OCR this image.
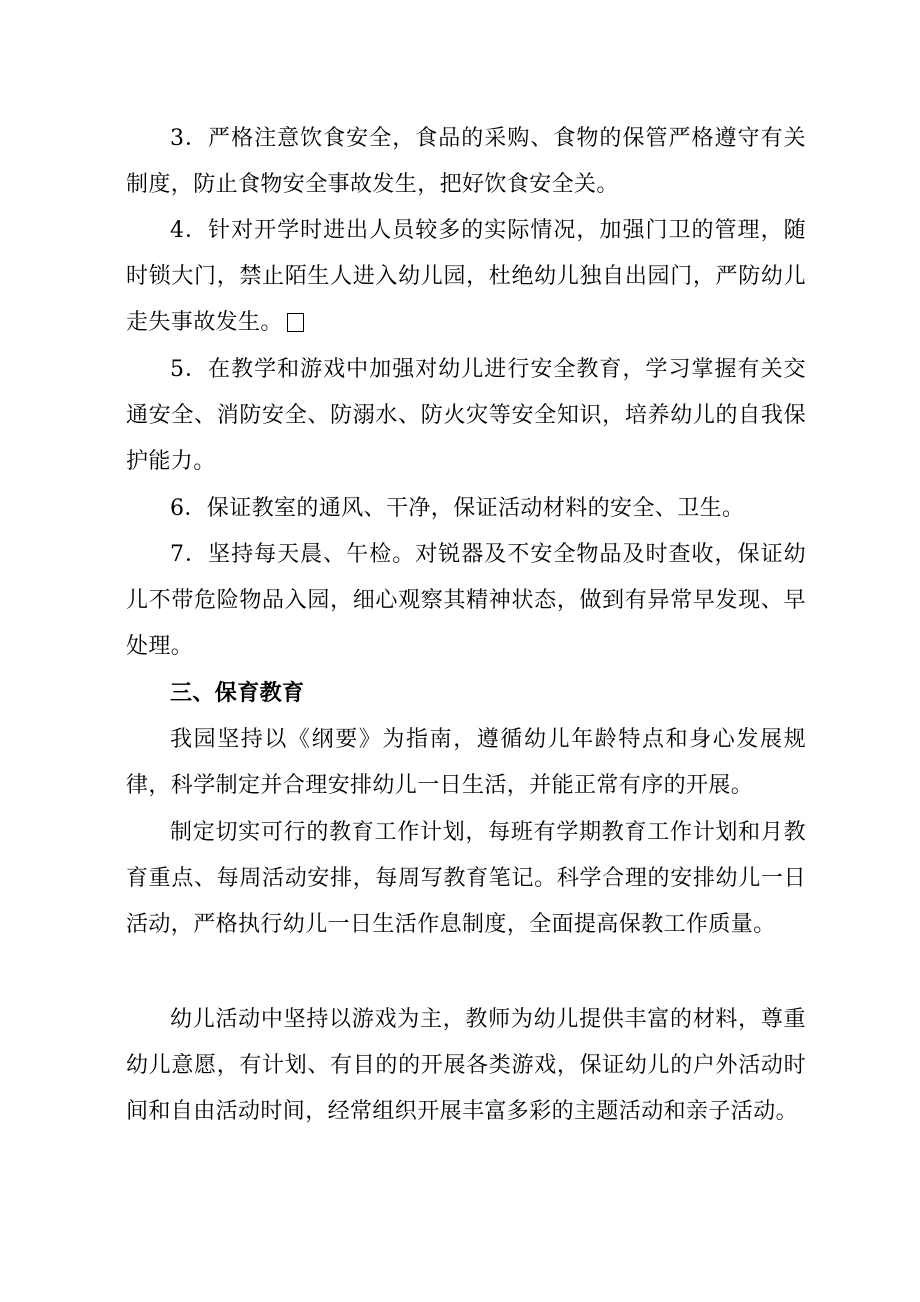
3．严格注意饮食安全，食品的采购、食物的保管严格遵守有关制度，防止食物安全事故发生，把好饮食安全关。

4．针对开学时进出人员较多的实际情况，加强门卫的管理，随时锁大门，禁止陌生人进入幼儿园，杜绝幼儿独自出园门，严防幼儿走失事故发生。

5．在教学和游戏中加强对幼儿进行安全教育，学习掌握有关交通安全、消防安全、防溺水、防火灾等安全知识，培养幼儿的自我保护能力。

6．保证教室的通风、干净，保证活动材料的安全、卫生。

7．坚持每天晨、午检。对锐器及不安全物品及时查收，保证幼儿不带危险物品入园，细心观察其精神状态，做到有异常早发现、早处理。

三、保育教育

我园坚持以《纲要》为指南，遵循幼儿年龄特点和身心发展规律，科学制定并合理安排幼儿一日生活，并能正常有序的开展。

制定切实可行的教育工作计划，每班有学期教育工作计划和月教育重点、每周活动安排，每周写教育笔记。科学合理的安排幼儿一日活动，严格执行幼儿一日生活作息制度，全面提高保教工作质量。

幼儿活动中坚持以游戏为主，教师为幼儿提供丰富的材料，尊重幼儿意愿，有计划、有目的的开展各类游戏，保证幼儿的户外活动时间和自由活动时间，经常组织开展丰富多彩的主题活动和亲子活动。
